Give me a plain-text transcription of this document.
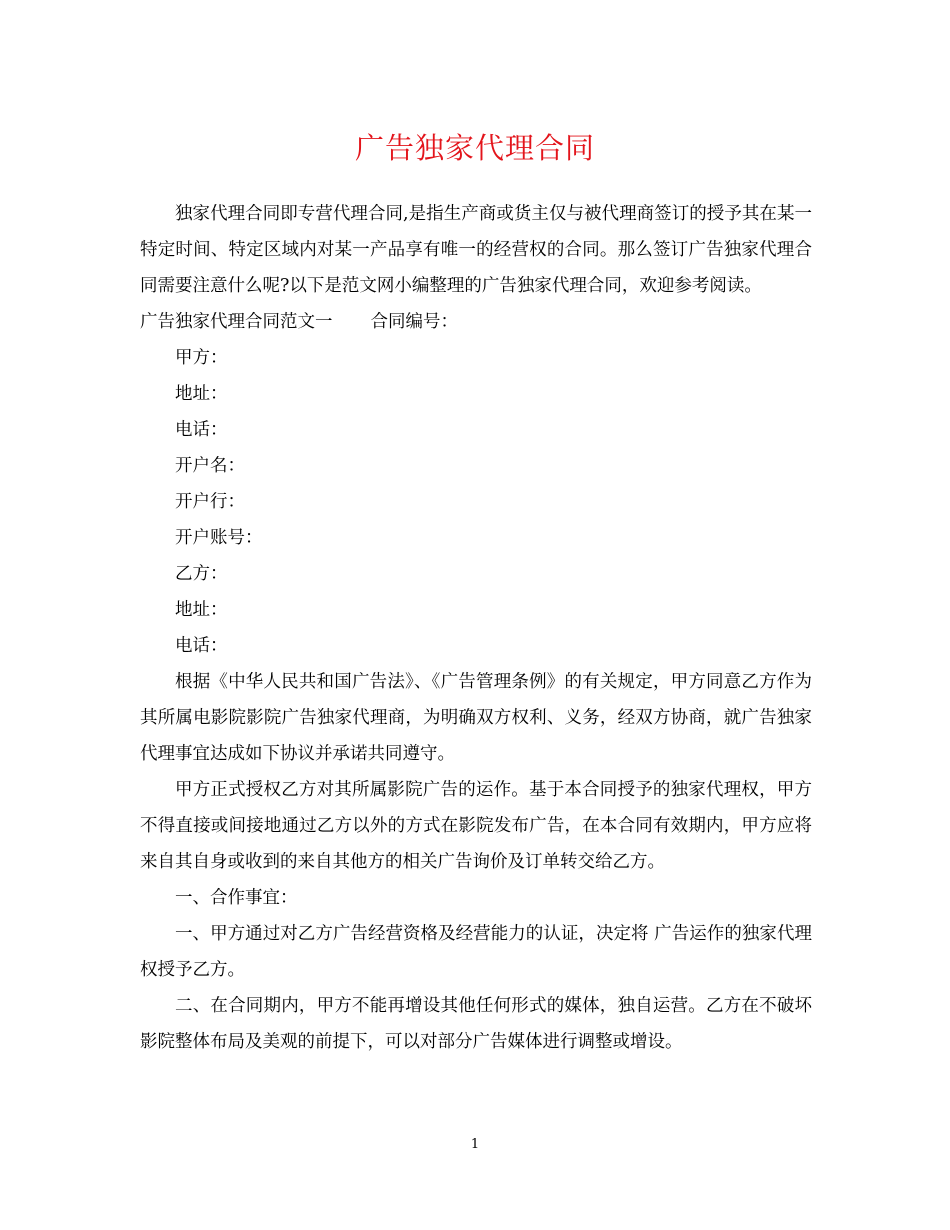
广告独家代理合同

独家代理合同即专营代理合同,是指生产商或货主仅与被代理商签订的授予其在某一特定时间、特定区域内对某一产品享有唯一的经营权的合同。那么签订广告独家代理合同需要注意什么呢?以下是范文网小编整理的广告独家代理合同，欢迎参考阅读。

广告独家代理合同范文一 合同编号：

甲方：

地址：

电话：

开户名：

开户行：

开户账号：

乙方：

地址：

电话：

根据《中华人民共和国广告法》、《广告管理条例》的有关规定，甲方同意乙方作为其所属电影院影院广告独家代理商，为明确双方权利、义务，经双方协商，就广告独家代理事宜达成如下协议并承诺共同遵守。

甲方正式授权乙方对其所属影院广告的运作。基于本合同授予的独家代理权，甲方不得直接或间接地通过乙方以外的方式在影院发布广告，在本合同有效期内，甲方应将来自其自身或收到的来自其他方的相关广告询价及订单转交给乙方。

一、合作事宜：

一、甲方通过对乙方广告经营资格及经营能力的认证，决定将 广告运作的独家代理权授予乙方。

二、在合同期内，甲方不能再增设其他任何形式的媒体，独自运营。乙方在不破坏影院整体布局及美观的前提下，可以对部分广告媒体进行调整或增设。

1
